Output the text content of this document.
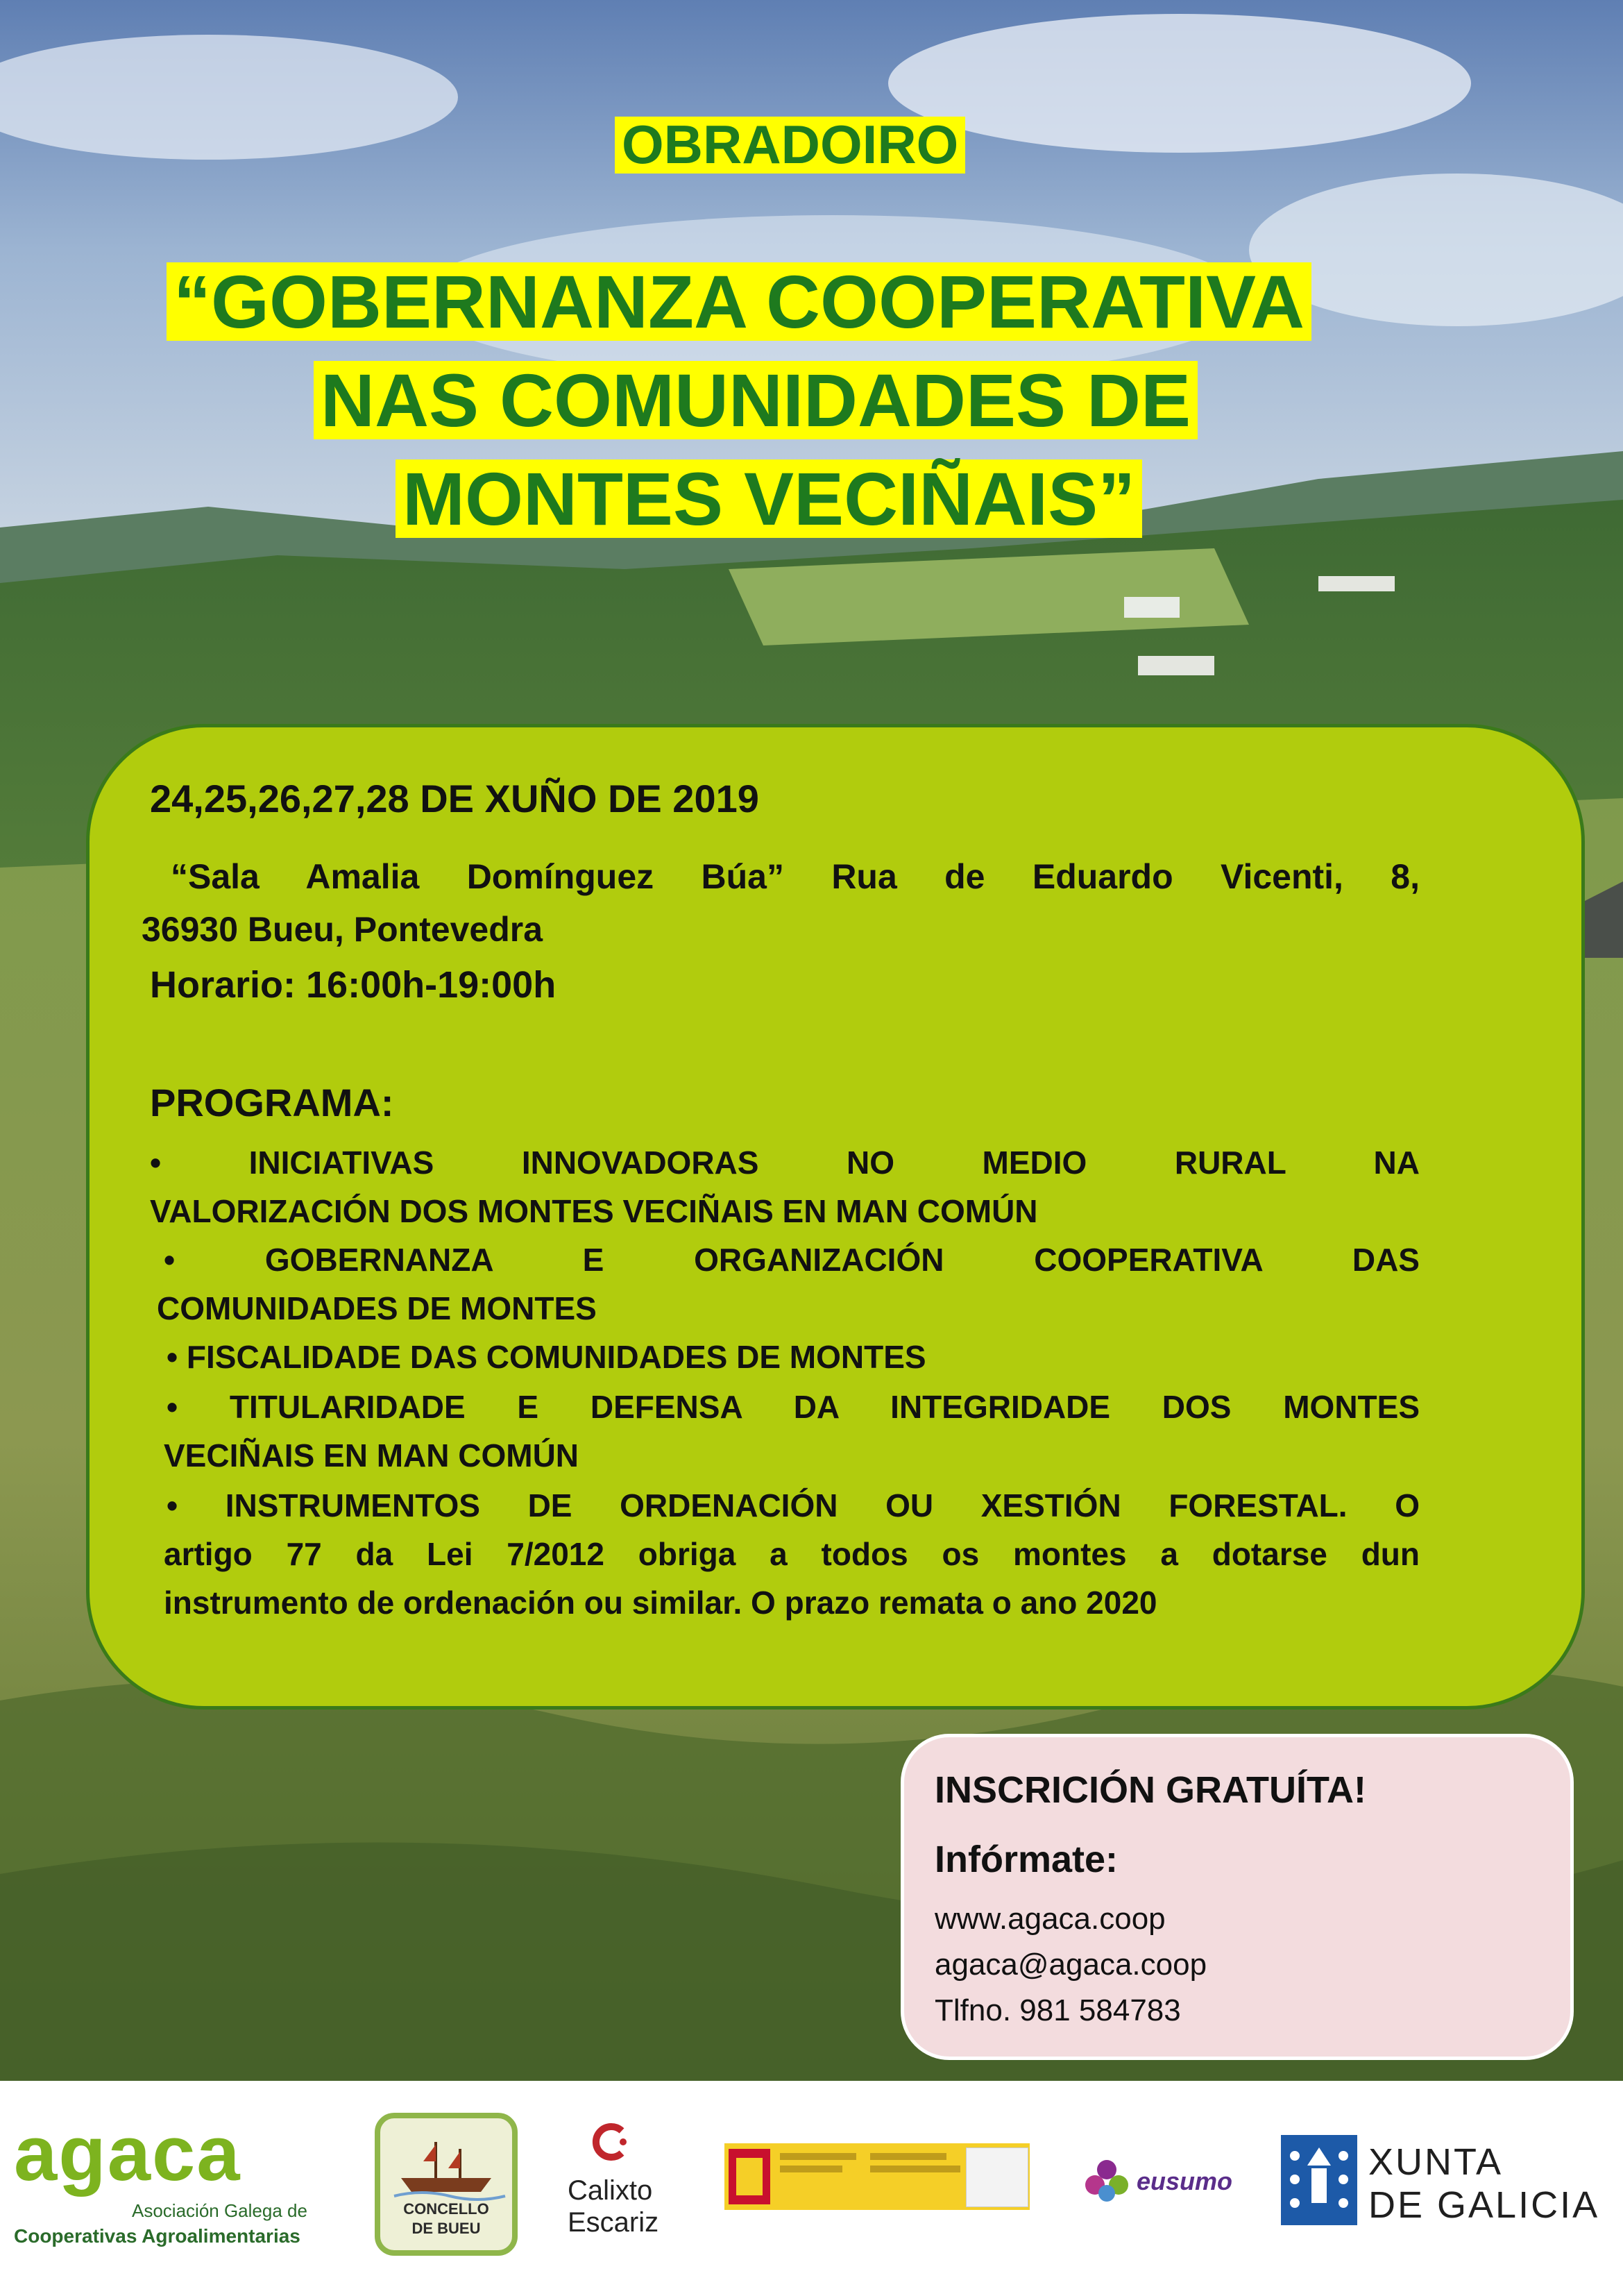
OBRADOIRO
“GOBERNANZA COOPERATIVA
NAS COMUNIDADES DE
MONTES VECIÑAIS”
24,25,26,27,28 DE XUÑO DE 2019
“Sala Amalia Domínguez Búa” Rua de Eduardo Vicenti, 8,
36930 Bueu, Pontevedra
Horario: 16:00h-19:00h
PROGRAMA:
• INICIATIVAS INNOVADORAS NO MEDIO RURAL NA
VALORIZACIÓN DOS MONTES VECIÑAIS EN MAN COMÚN
• GOBERNANZA E ORGANIZACIÓN COOPERATIVA DAS
COMUNIDADES DE MONTES
• FISCALIDADE DAS COMUNIDADES DE MONTES
• TITULARIDADE E DEFENSA DA INTEGRIDADE DOS MONTES
VECIÑAIS EN MAN COMÚN
• INSTRUMENTOS DE ORDENACIÓN OU XESTIÓN FORESTAL. O
artigo 77 da Lei 7/2012 obriga a todos os montes a dotarse dun
instrumento de ordenación ou similar. O prazo remata o ano 2020
INSCRICIÓN GRATUÍTA!
Infórmate:
www.agaca.coop
agaca@agaca.coop
Tlfno. 981 584783
agaca
Asociación Galega de
Cooperativas Agroalimentarias
CONCELLO
DE BUEU
Calixto
Escariz
eusumo	XUNTA
DE GALICIA
